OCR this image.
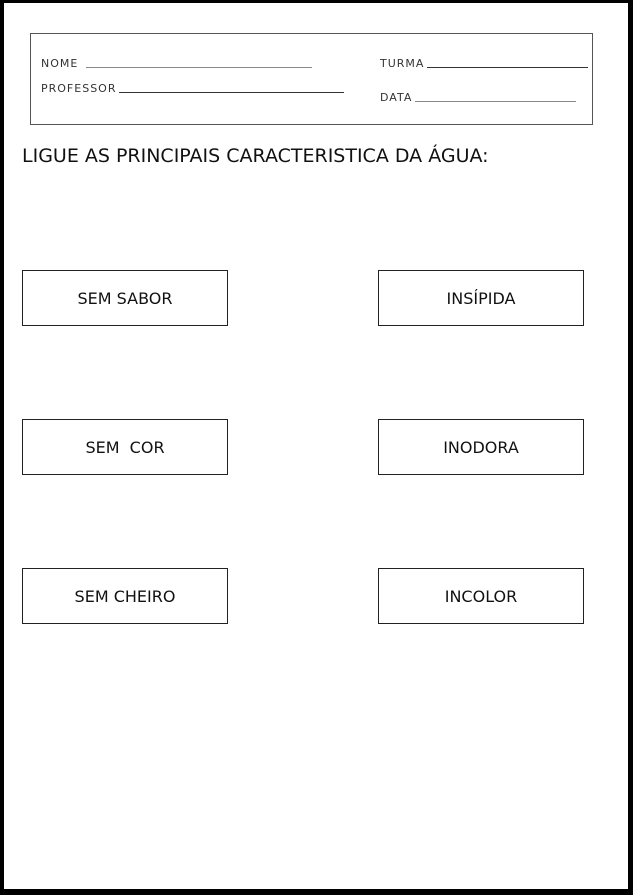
NOME
PROFESSOR
TURMA
DATA
LIGUE AS PRINCIPAIS CARACTERISTICA DA ÁGUA:
SEM SABOR
SEM  COR
SEM CHEIRO
INSÍPIDA
INODORA
INCOLOR
